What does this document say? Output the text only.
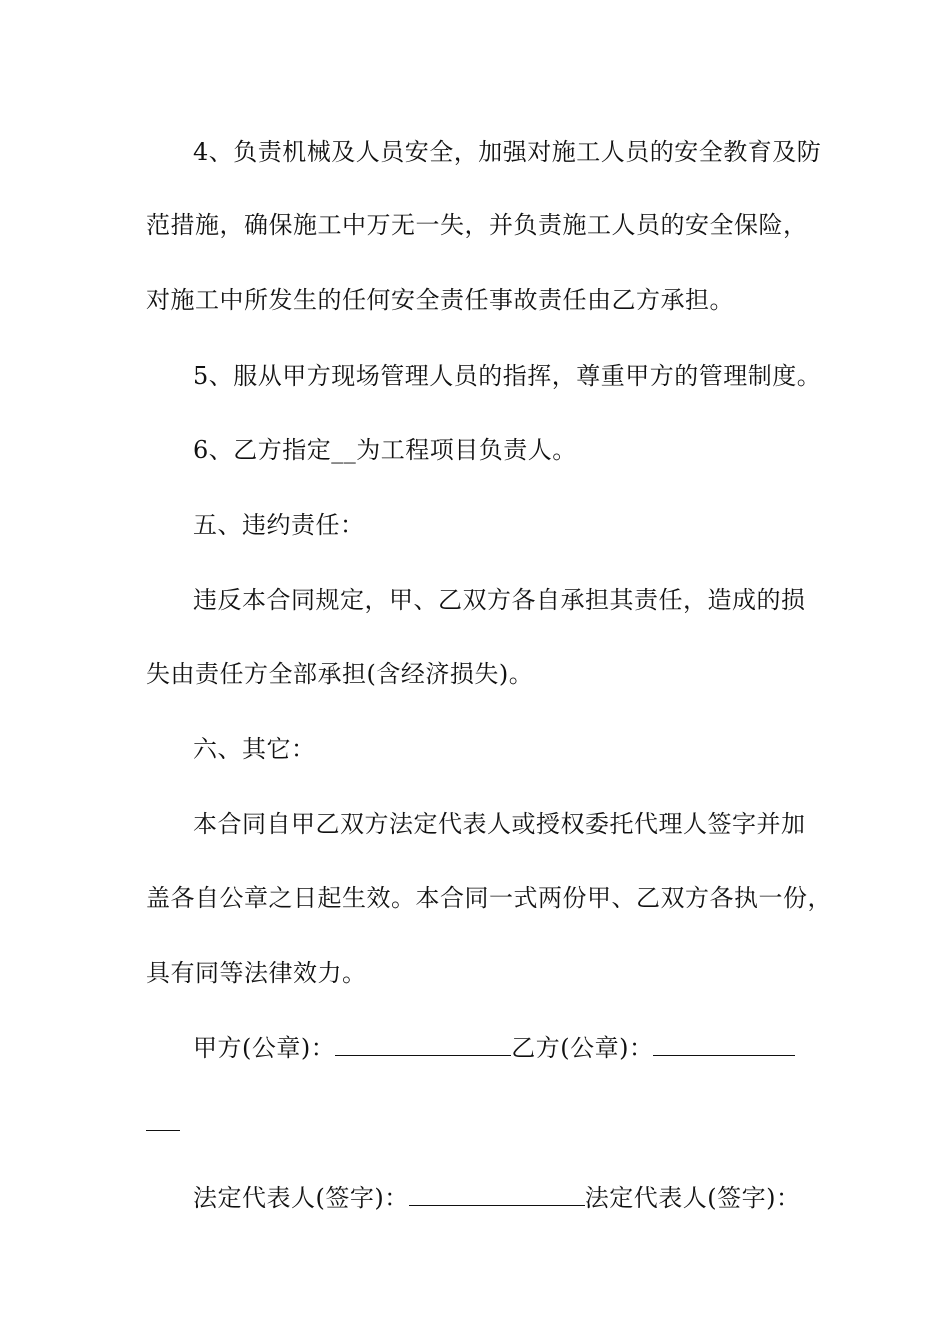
4、负责机械及人员安全，加强对施工人员的安全教育及防
范措施，确保施工中万无一失，并负责施工人员的安全保险，
对施工中所发生的任何安全责任事故责任由乙方承担。
5、服从甲方现场管理人员的指挥，尊重甲方的管理制度。
6、乙方指定__为工程项目负责人。
五、违约责任：
违反本合同规定，甲、乙双方各自承担其责任，造成的损
失由责任方全部承担(含经济损失)。
六、其它：
本合同自甲乙双方法定代表人或授权委托代理人签字并加
盖各自公章之日起生效。本合同一式两份甲、乙双方各执一份，
具有同等法律效力。
甲方(公章)：	乙方(公章)：
法定代表人(签字)：	法定代表人(签字)：
